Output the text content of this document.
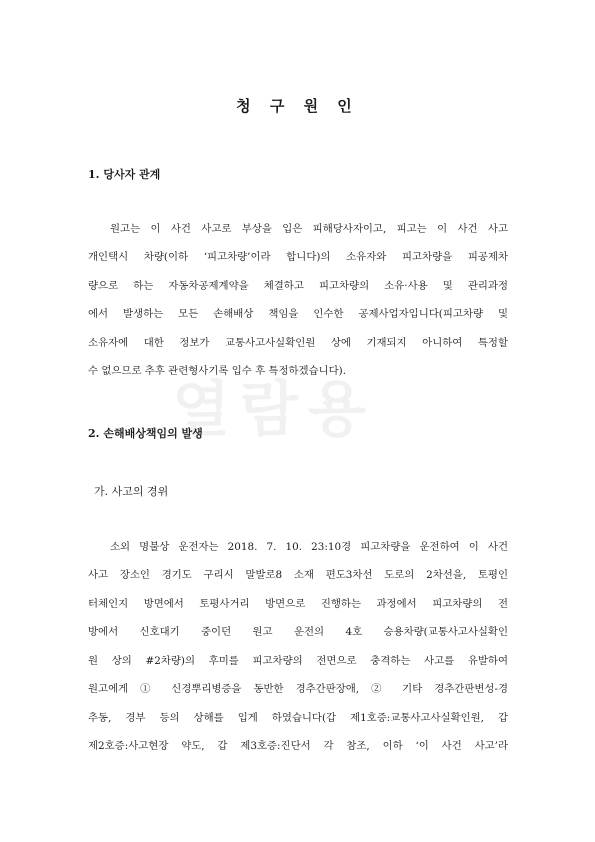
열람용
청 구 원 인
1. 당사자 관계
원고는 이 사건 사고로 부상을 입은 피해당사자이고, 피고는 이 사건 사고
개인택시 차량(이하 ‘피고차량’이라 합니다)의 소유자와 피고차량을 피공제차
량으로 하는 자동차공제계약을 체결하고 피고차량의 소유·사용 및 관리과정
에서 발생하는 모든 손해배상 책임을 인수한 공제사업자입니다(피고차량 및
소유자에 대한 정보가 교통사고사실확인원 상에 기재되지 아니하여 특정할
수 없으므로 추후 관련형사기록 입수 후 특정하겠습니다).
2. 손해배상책임의 발생
가. 사고의 경위
소외 명불상 운전자는 2018. 7. 10. 23:10경 피고차량을 운전하여 이 사건
사고 장소인 경기도 구리시 말발로8 소재 편도3차선 도로의 2차선을, 토평인
터체인지 방면에서 토평사거리 방면으로 진행하는 과정에서 피고차량의 전
방에서 신호대기 중이던 원고 운전의 4호 승용차량(교통사고사실확인
원 상의 #2차량)의 후미를 피고차량의 전면으로 충격하는 사고를 유발하여
원고에게 ① 신경뿌리병증을 동반한 경추간판장애, ② 기타 경추간판변성-경
추동, 경부 등의 상해를 입게 하였습니다(갑 제1호증:교통사고사실확인원, 갑
제2호증:사고현장 약도, 갑 제3호증:진단서 각 참조, 이하 ‘이 사건 사고’라
